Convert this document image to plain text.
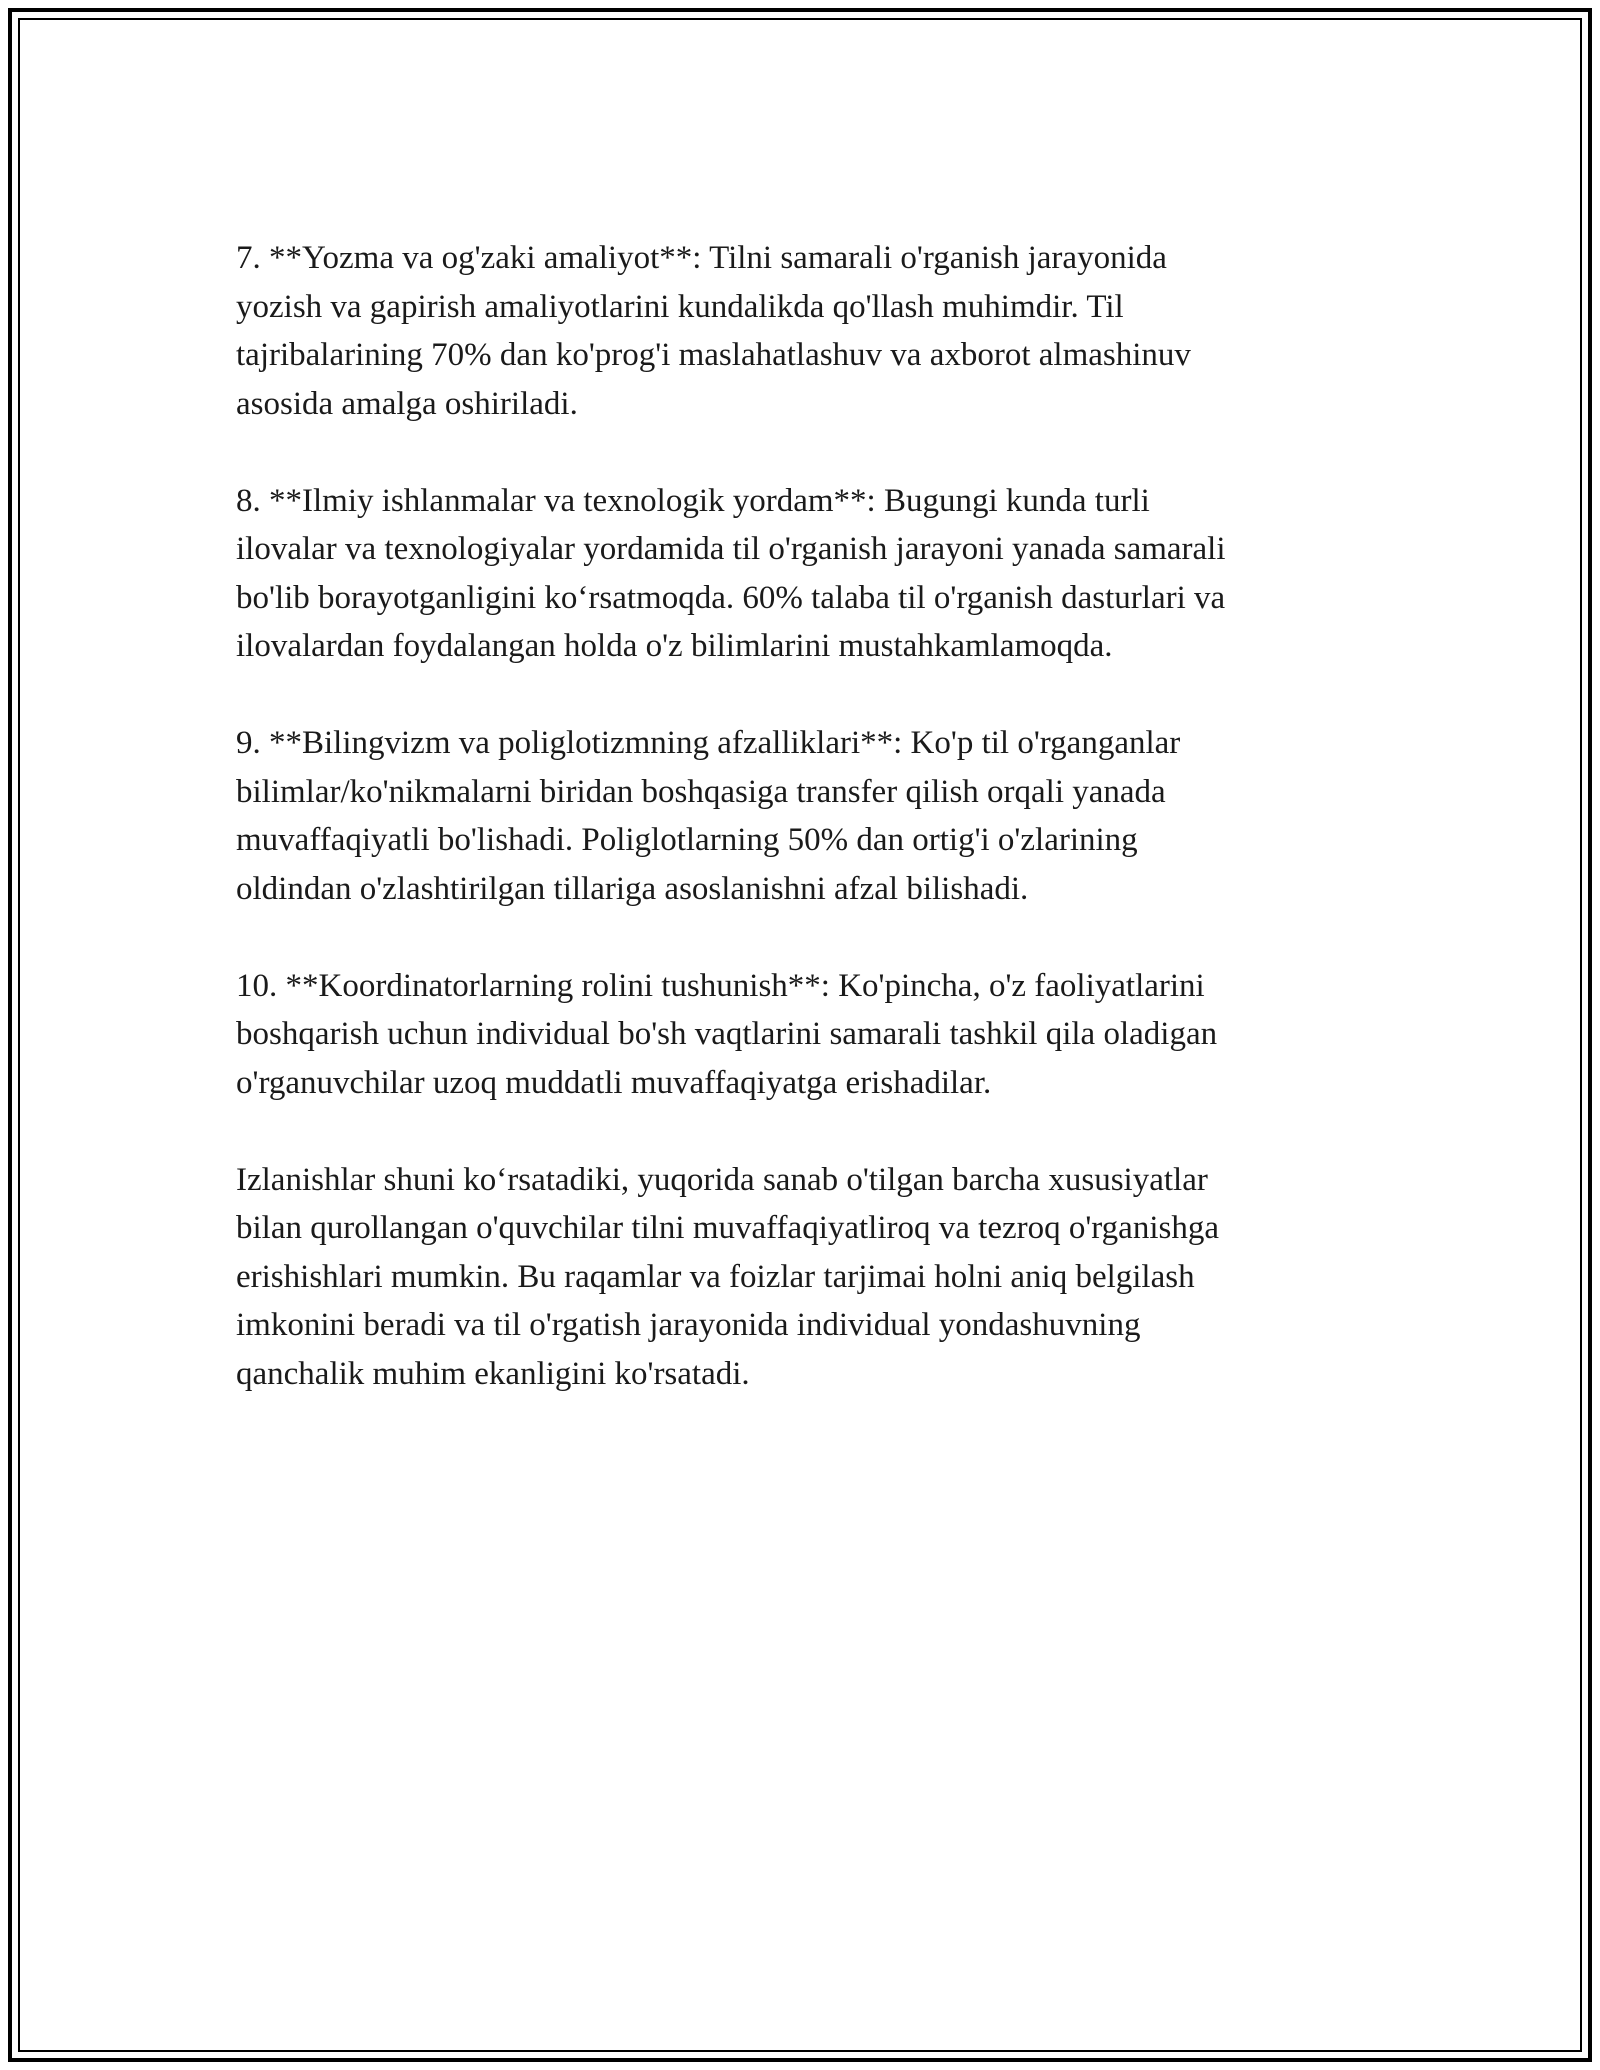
7. **Yozma va og'zaki amaliyot**: Tilni samarali o'rganish jarayonida
yozish va gapirish amaliyotlarini kundalikda qo'llash muhimdir. Til
tajribalarining 70% dan ko'prog'i maslahatlashuv va axborot almashinuv
asosida amalga oshiriladi.

8. **Ilmiy ishlanmalar va texnologik yordam**: Bugungi kunda turli
ilovalar va texnologiyalar yordamida til o'rganish jarayoni yanada samarali
bo'lib borayotganligini ko‘rsatmoqda. 60% talaba til o'rganish dasturlari va
ilovalardan foydalangan holda o'z bilimlarini mustahkamlamoqda.

9. **Bilingvizm va poliglotizmning afzalliklari**: Ko'p til o'rganganlar
bilimlar/ko'nikmalarni biridan boshqasiga transfer qilish orqali yanada
muvaffaqiyatli bo'lishadi. Poliglotlarning 50% dan ortig'i o'zlarining
oldindan o'zlashtirilgan tillariga asoslanishni afzal bilishadi.

10. **Koordinatorlarning rolini tushunish**: Ko'pincha, o'z faoliyatlarini
boshqarish uchun individual bo'sh vaqtlarini samarali tashkil qila oladigan
o'rganuvchilar uzoq muddatli muvaffaqiyatga erishadilar.

Izlanishlar shuni ko‘rsatadiki, yuqorida sanab o'tilgan barcha xususiyatlar
bilan qurollangan o'quvchilar tilni muvaffaqiyatliroq va tezroq o'rganishga
erishishlari mumkin. Bu raqamlar va foizlar tarjimai holni aniq belgilash
imkonini beradi va til o'rgatish jarayonida individual yondashuvning
qanchalik muhim ekanligini ko'rsatadi.
